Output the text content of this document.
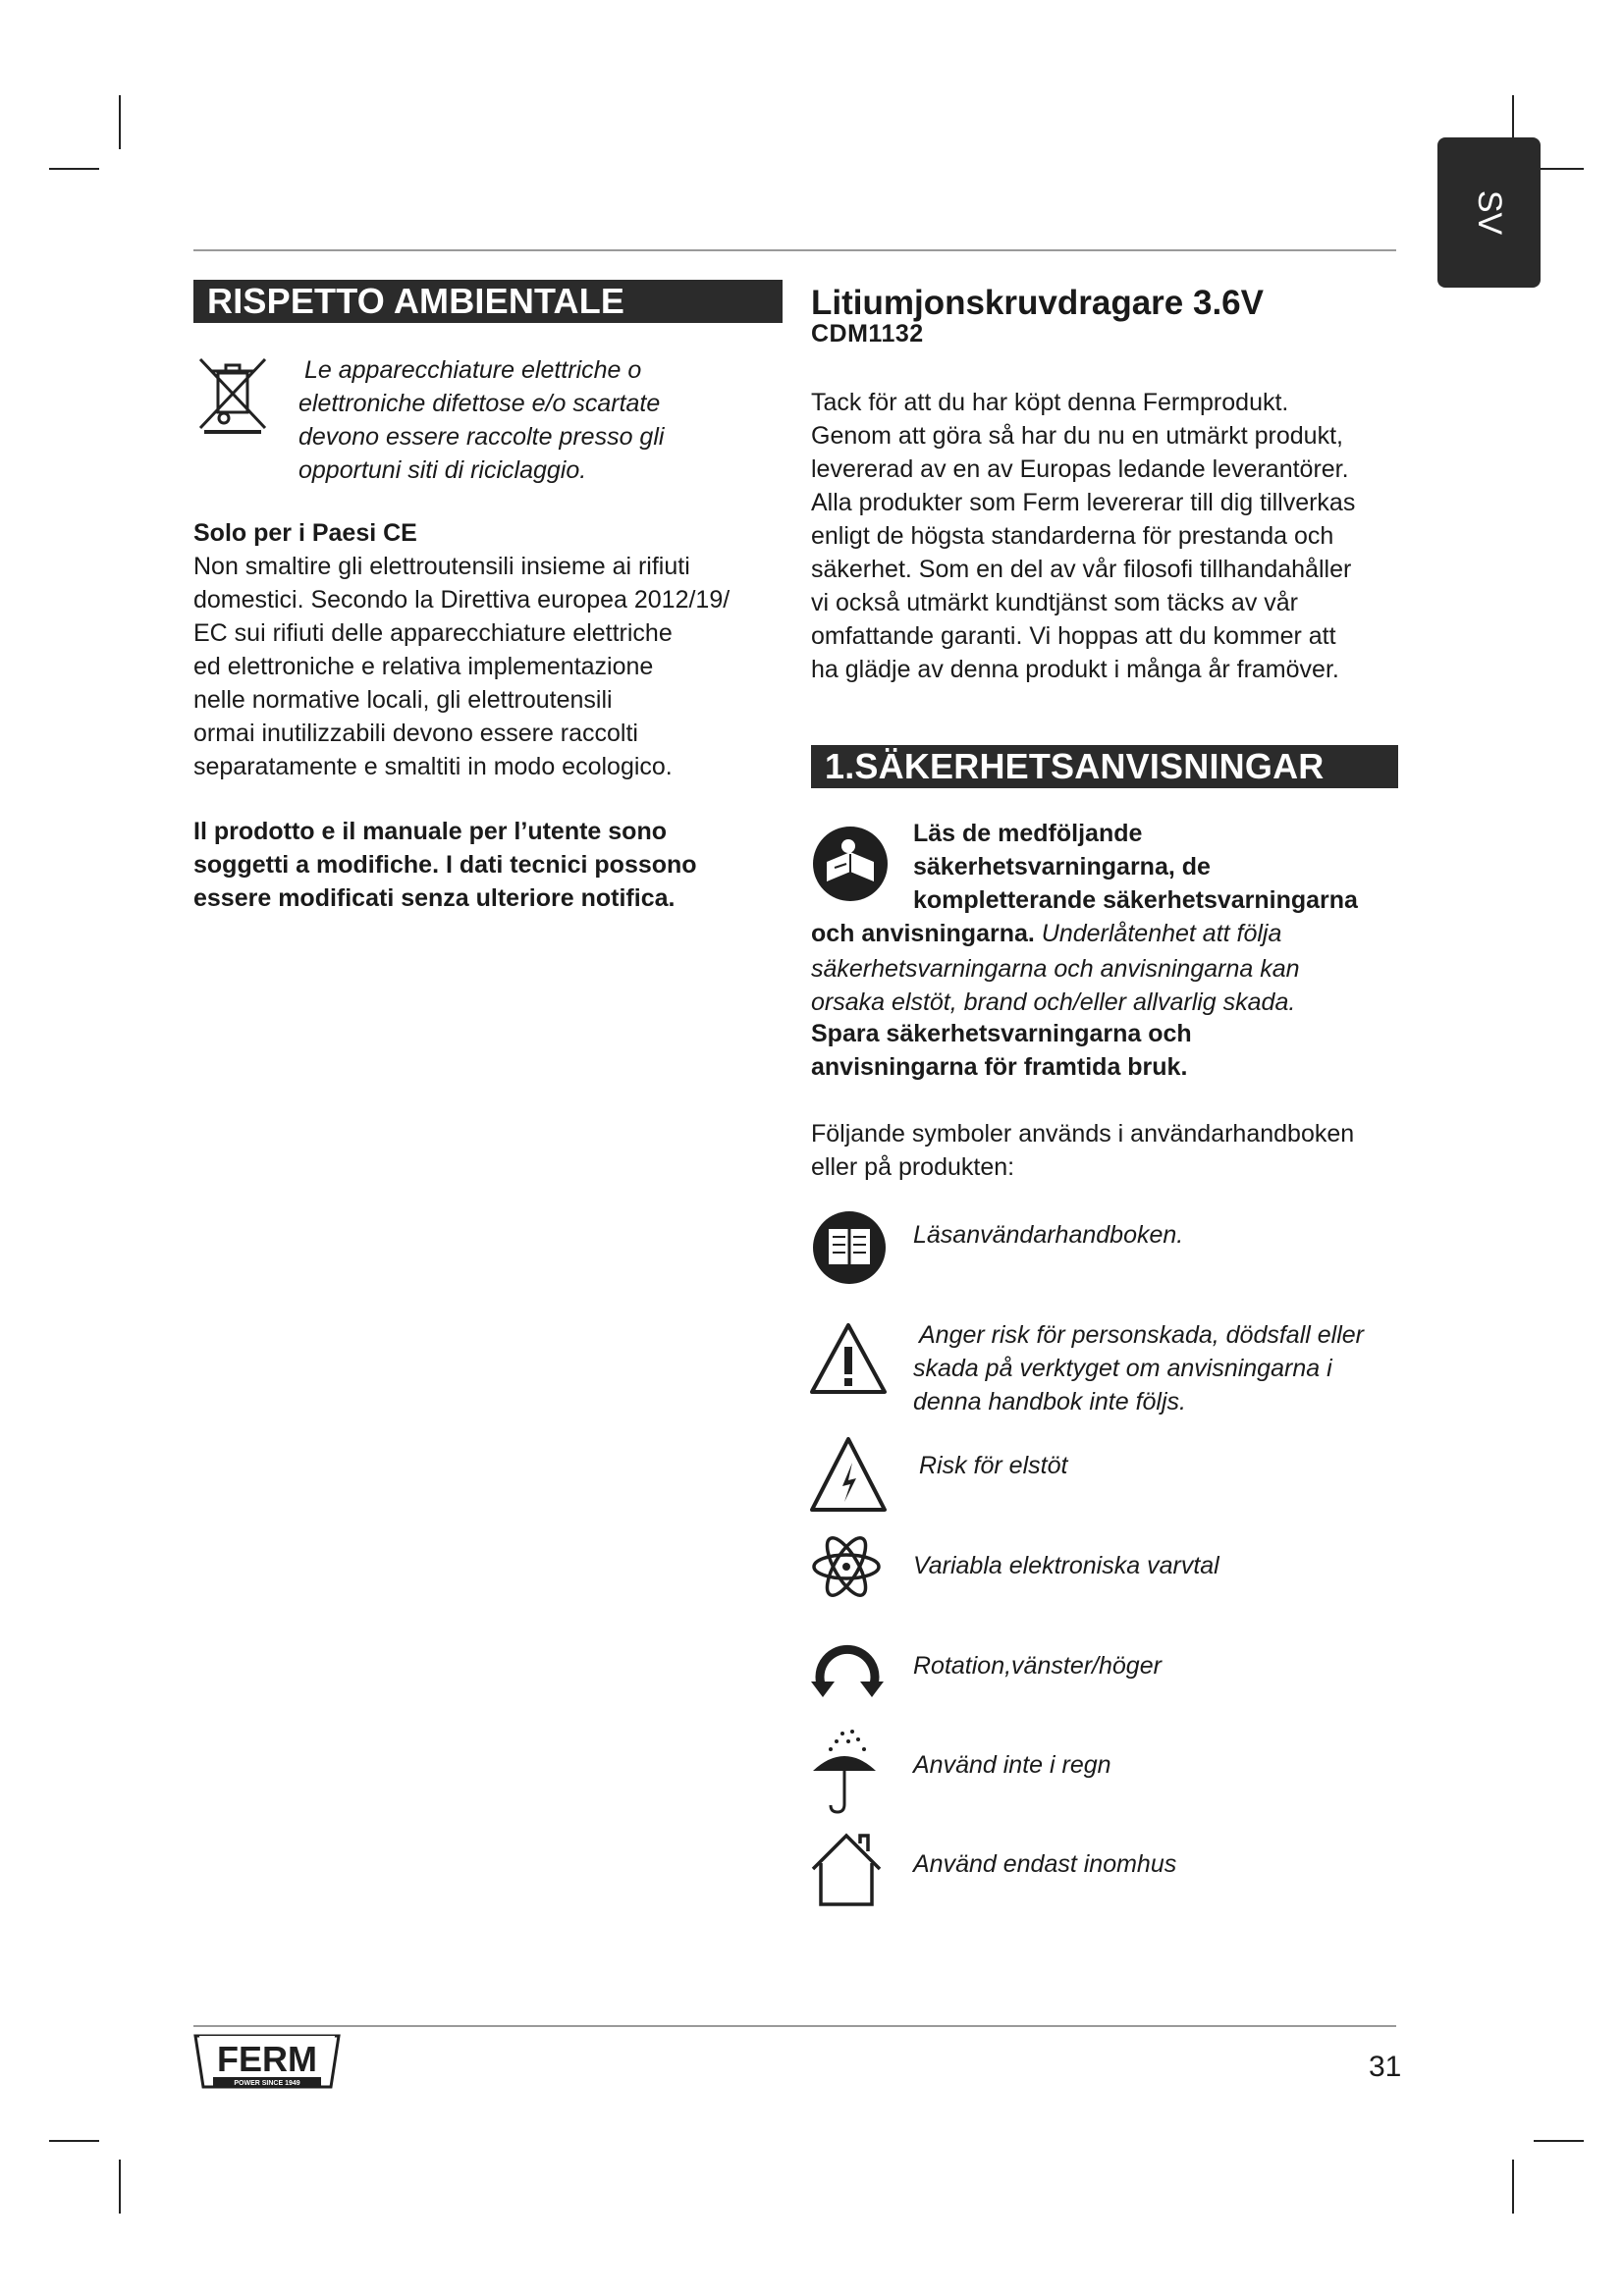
SV
RISPETTO AMBIENTALE
Le apparecchiature elettriche o
elettroniche difettose e/o scartate
devono essere raccolte presso gli
opportuni siti di riciclaggio.
Solo per i Paesi CE
Non smaltire gli elettroutensili insieme ai rifiuti
domestici. Secondo la Direttiva europea 2012/19/
EC sui rifiuti delle apparecchiature elettriche
ed elettroniche e relativa implementazione
nelle normative locali, gli elettroutensili
ormai inutilizzabili devono essere raccolti
separatamente e smaltiti in modo ecologico.
Il prodotto e il manuale per l’utente sono
soggetti a modifiche. I dati tecnici possono
essere modificati senza ulteriore notifica.
Litiumjonskruvdragare 3.6V
CDM1132
Tack för att du har köpt denna Fermprodukt.
Genom att göra så har du nu en utmärkt produkt,
levererad av en av Europas ledande leverantörer.
Alla produkter som Ferm levererar till dig tillverkas
enligt de högsta standarderna för prestanda och
säkerhet. Som en del av vår filosofi tillhandahåller
vi också utmärkt kundtjänst som täcks av vår
omfattande garanti. Vi hoppas att du kommer att
ha glädje av denna produkt i många år framöver.
1.SÄKERHETSANVISNINGAR
Läs de medföljande
säkerhetsvarningarna, de
kompletterande säkerhetsvarningarna
och anvisningarna. Underlåtenhet att följa
säkerhetsvarningarna och anvisningarna kan
orsaka elstöt, brand och/eller allvarlig skada.
Spara säkerhetsvarningarna och
anvisningarna för framtida bruk.
Följande symboler används i användarhandboken
eller på produkten:
Läsanvändarhandboken.
Anger risk för personskada, dödsfall eller
skada på verktyget om anvisningarna i
denna handbok inte följs.
Risk för elstöt
Variabla elektroniska varvtal
Rotation,vänster/höger
Använd inte i regn
Använd endast inomhus
FERM
POWER SINCE 1949
31
